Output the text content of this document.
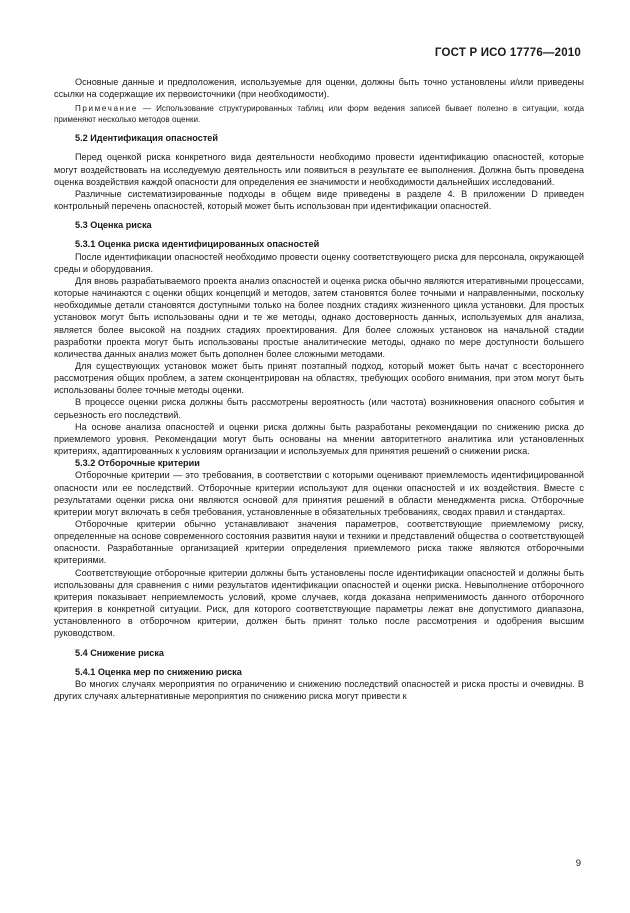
ГОСТ Р ИСО 17776—2010

Основные данные и предположения, используемые для оценки, должны быть точно установлены и/или приведены ссылки на содержащие их первоисточники (при необходимости).

Примечание — Использование структурированных таблиц или форм ведения записей бывает полезно в ситуации, когда применяют несколько методов оценки.

5.2 Идентификация опасностей

Перед оценкой риска конкретного вида деятельности необходимо провести идентификацию опасностей, которые могут воздействовать на исследуемую деятельность или появиться в результате ее выполнения. Должна быть проведена оценка воздействия каждой опасности для определения ее значимости и необходимости дальнейших исследований.

Различные систематизированные подходы в общем виде приведены в разделе 4. В приложении D приведен контрольный перечень опасностей, который может быть использован при идентификации опасностей.

5.3 Оценка риска
5.3.1 Оценка риска идентифицированных опасностей

После идентификации опасностей необходимо провести оценку соответствующего риска для персонала, окружающей среды и оборудования.

Для вновь разрабатываемого проекта анализ опасностей и оценка риска обычно являются итеративными процессами, которые начинаются с оценки общих концепций и методов, затем становятся более точными и направленными, поскольку необходимые детали становятся доступными только на более поздних стадиях жизненного цикла установки. Для простых установок могут быть использованы одни и те же методы, однако достоверность данных, используемых для анализа, является более высокой на поздних стадиях проектирования. Для более сложных установок на начальной стадии разработки проекта могут быть использованы простые аналитические методы, однако по мере доступности большего количества данных анализ может быть дополнен более сложными методами.

Для существующих установок может быть принят поэтапный подход, который может быть начат с всестороннего рассмотрения общих проблем, а затем сконцентрирован на областях, требующих особого внимания, при этом могут быть использованы более точные методы оценки.

В процессе оценки риска должны быть рассмотрены вероятность (или частота) возникновения опасного события и серьезность его последствий.

На основе анализа опасностей и оценки риска должны быть разработаны рекомендации по снижению риска до приемлемого уровня. Рекомендации могут быть основаны на мнении авторитетного аналитика или установленных критериях, адаптированных к условиям организации и используемых для принятия решений о снижении риска.

5.3.2 Отборочные критерии

Отборочные критерии — это требования, в соответствии с которыми оценивают приемлемость идентифицированной опасности или ее последствий. Отборочные критерии используют для оценки опасностей и их воздействия. Вместе с результатами оценки риска они являются основой для принятия решений в области менеджмента риска. Отборочные критерии могут включать в себя требования, установленные в обязательных требованиях, сводах правил и стандартах.

Отборочные критерии обычно устанавливают значения параметров, соответствующие приемлемому риску, определенные на основе современного состояния развития науки и техники и представлений общества о соответствующей опасности. Разработанные организацией критерии определения приемлемого риска также являются отборочными критериями.

Соответствующие отборочные критерии должны быть установлены после идентификации опасностей и должны быть использованы для сравнения с ними результатов идентификации опасностей и оценки риска. Невыполнение отборочного критерия показывает неприемлемость условий, кроме случаев, когда доказана неприменимость данного отборочного критерия в конкретной ситуации. Риск, для которого соответствующие параметры лежат вне допустимого диапазона, установленного в отборочном критерии, должен быть принят только после рассмотрения и одобрения высшим руководством.

5.4 Снижение риска
5.4.1 Оценка мер по снижению риска

Во многих случаях мероприятия по ограничению и снижению последствий опасностей и риска просты и очевидны. В других случаях альтернативные мероприятия по снижению риска могут привести к

9
